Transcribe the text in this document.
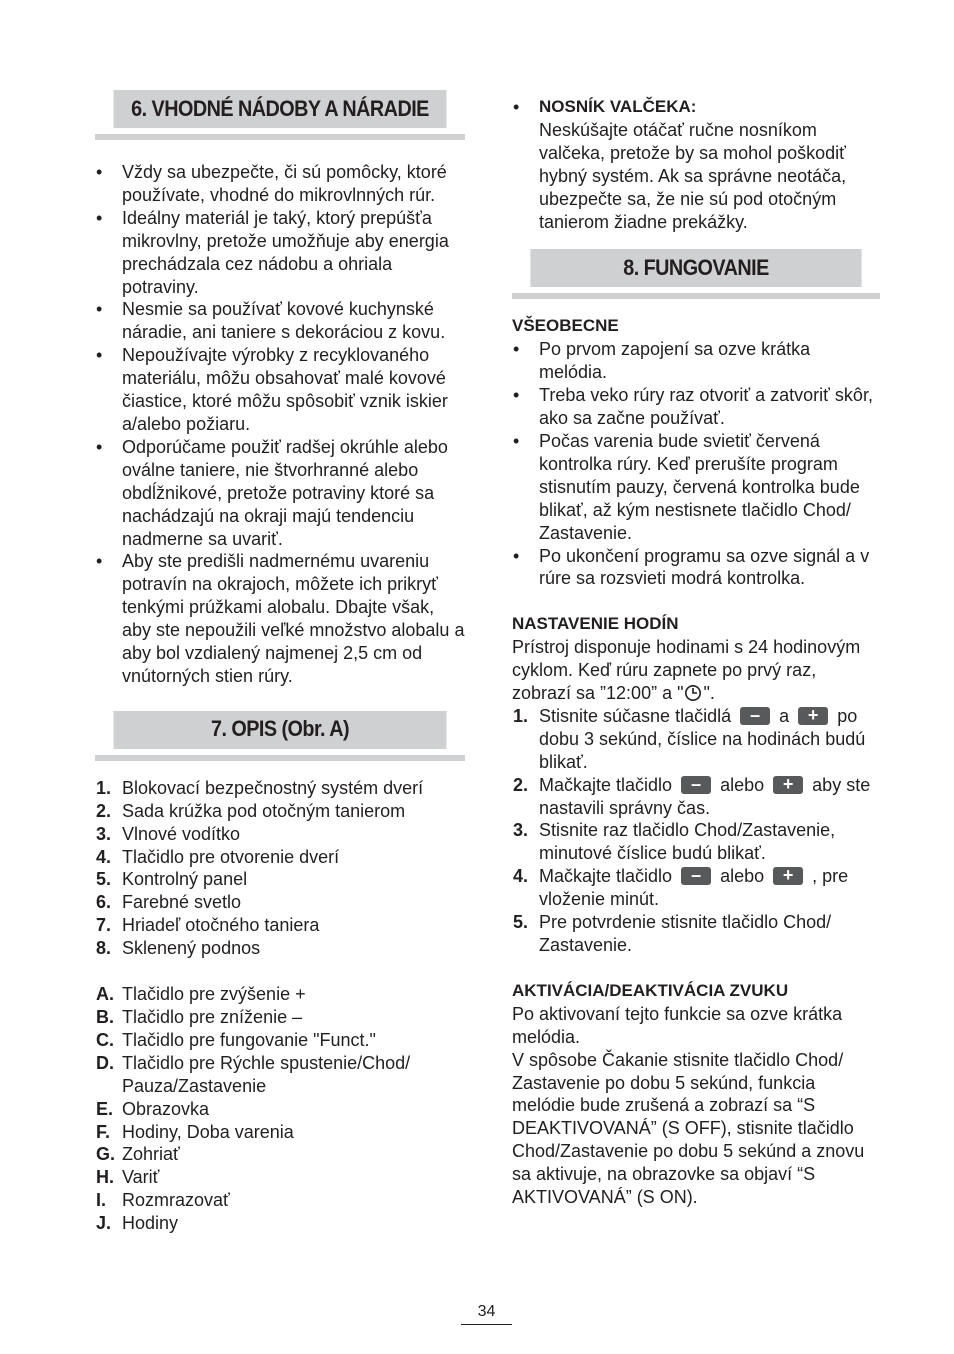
6. VHODNÉ NÁDOBY A NÁRADIE
• Vždy sa ubezpečte, či sú pomôcky, ktoré používate, vhodné do mikrovlnných rúr.
• Ideálny materiál je taký, ktorý prepúšťa mikrovlny, pretože umožňuje aby energia prechádzala cez nádobu a ohriala potraviny.
• Nesmie sa používať kovové kuchynské náradie, ani taniere s dekoráciou z kovu.
• Nepoužívajte výrobky z recyklovaného materiálu, môžu obsahovať malé kovové čiastice, ktoré môžu spôsobiť vznik iskier a/alebo požiaru.
• Odporúčame použiť radšej okrúhle alebo oválne taniere, nie štvorhranné alebo obdĺžnikové, pretože potraviny ktoré sa nachádzajú na okraji majú tendenciu nadmerne sa uvariť.
• Aby ste predišli nadmernému uvareniu potravín na okrajoch, môžete ich prikryť tenkými prúžkami alobalu. Dbajte však, aby ste nepoužili veľké množstvo alobalu a aby bol vzdialený najmenej 2,5 cm od vnútorných stien rúry.
7. OPIS (Obr. A)
1. Blokovací bezpečnostný systém dverí
2. Sada krúžka pod otočným tanierom
3. Vlnové vodítko
4. Tlačidlo pre otvorenie dverí
5. Kontrolný panel
6. Farebné svetlo
7. Hriadeľ otočného taniera
8. Sklenený podnos
A. Tlačidlo pre zvýšenie +
B. Tlačidlo pre zníženie –
C. Tlačidlo pre fungovanie "Funct."
D. Tlačidlo pre Rýchle spustenie/Chod/ Pauza/Zastavenie
E. Obrazovka
F. Hodiny, Doba varenia
G. Zohriať
H. Variť
I. Rozmrazovať
J. Hodiny
• NOSNÍK VALČEKA:
Neskúšajte otáčať ručne nosníkom valčeka, pretože by sa mohol poškodiť hybný systém. Ak sa správne neotáča, ubezpečte sa, že nie sú pod otočným tanierom žiadne prekážky.
8. FUNGOVANIE
VŠEOBECNE
• Po prvom zapojení sa ozve krátka melódia.
• Treba veko rúry raz otvoriť a zatvoriť skôr, ako sa začne používať.
• Počas varenia bude svietiť červená kontrolka rúry. Keď prerušíte program stisnutím pauzy, červená kontrolka bude blikať, až kým nestisnete tlačidlo Chod/ Zastavenie.
• Po ukončení programu sa ozve signál a v rúre sa rozsvieti modrá kontrolka.
NASTAVENIE HODÍN

Prístroj disponuje hodinami s 24 hodinovým cyklom. Keď rúru zapnete po prvý raz, zobrazí sa ”12:00” a " ".

1. Stisnite súčasne tlačidlá	–	a	+	po dobu 3 sekúnd, číslice na hodinách budú blikať.
2. Mačkajte tlačidlo	–	alebo	+	aby ste nastavili správny čas.
3. Stisnite raz tlačidlo Chod/Zastavenie, minutové číslice budú blikať.
4. Mačkajte tlačidlo	–	alebo	+	, pre vloženie minút.
5. Pre potvrdenie stisnite tlačidlo Chod/ Zastavenie.
AKTIVÁCIA/DEAKTIVÁCIA ZVUKU

Po aktivovaní tejto funkcie sa ozve krátka melódia.

V spôsobe Čakanie stisnite tlačidlo Chod/ Zastavenie po dobu 5 sekúnd, funkcia melódie bude zrušená a zobrazí sa “S DEAKTIVOVANÁ” (S OFF), stisnite tlačidlo Chod/Zastavenie po dobu 5 sekúnd a znovu sa aktivuje, na obrazovke sa objaví “S AKTIVOVANÁ” (S ON).

34
